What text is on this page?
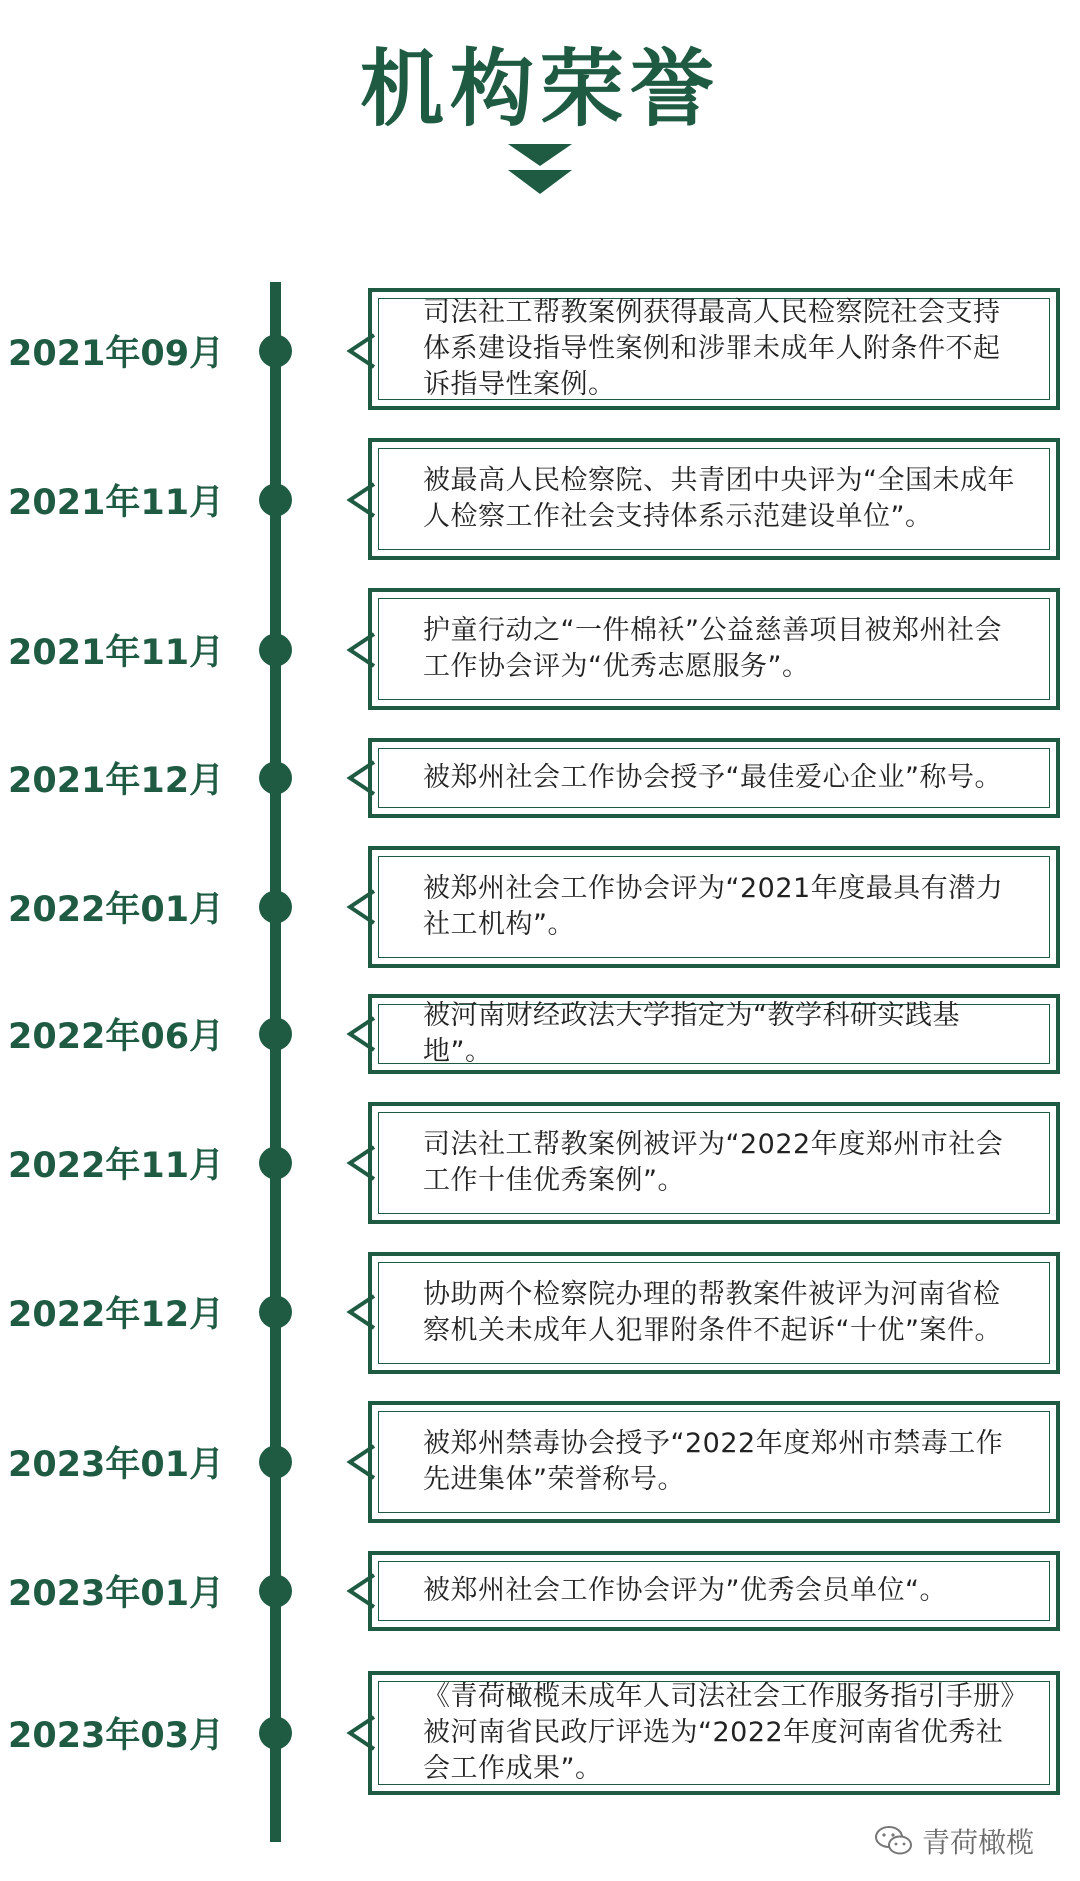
机构荣誉
2021年09月
司法社工帮教案例获得最高人民检察院社会支持体系建设指导性案例和涉罪未成年人附条件不起诉指导性案例。
2021年11月
被最高人民检察院、共青团中央评为“全国未成年人检察工作社会支持体系示范建设单位”。
2021年11月
护童行动之“一件棉袄”公益慈善项目被郑州社会工作协会评为“优秀志愿服务”。
2021年12月	被郑州社会工作协会授予“最佳爱心企业”称号。
2022年01月
被郑州社会工作协会评为“2021年度最具有潜力社工机构”。
2022年06月
被河南财经政法大学指定为“教学科研实践基地”。
2022年11月
司法社工帮教案例被评为“2022年度郑州市社会工作十佳优秀案例”。
2022年12月
协助两个检察院办理的帮教案件被评为河南省检察机关未成年人犯罪附条件不起诉“十优”案件。
2023年01月
被郑州禁毒协会授予“2022年度郑州市禁毒工作先进集体”荣誉称号。
2023年01月	被郑州社会工作协会评为”优秀会员单位“。
2023年03月
《青荷橄榄未成年人司法社会工作服务指引手册》被河南省民政厅评选为“2022年度河南省优秀社会工作成果”。
青荷橄榄
